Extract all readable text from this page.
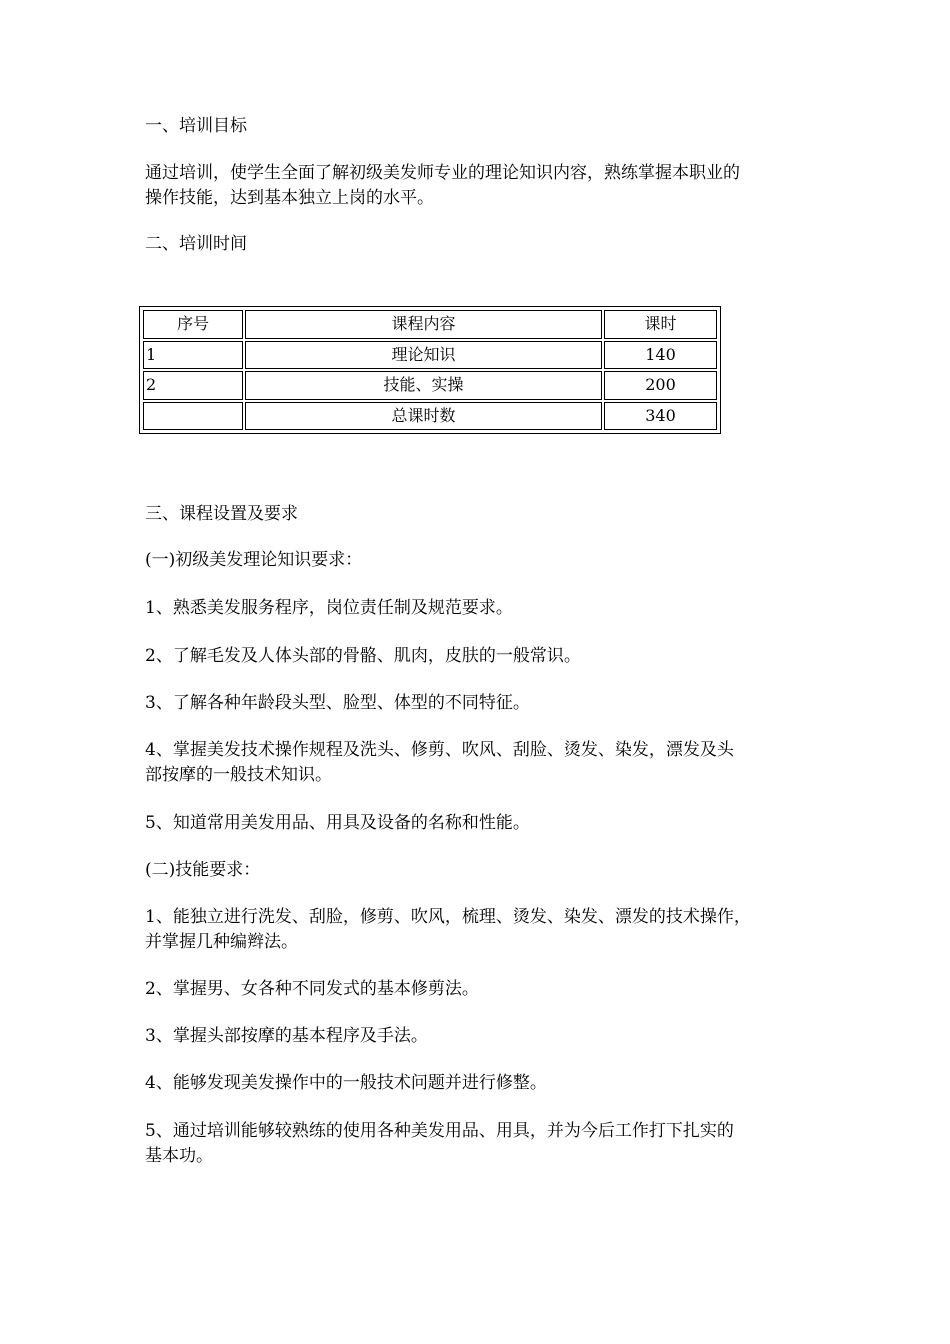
一、培训目标

通过培训，使学生全面了解初级美发师专业的理论知识内容，熟练掌握本职业的

操作技能，达到基本独立上岗的水平。

二、培训时间

三、课程设置及要求

(一)初级美发理论知识要求：

1、熟悉美发服务程序，岗位责任制及规范要求。

2、了解毛发及人体头部的骨骼、肌肉，皮肤的一般常识。

3、了解各种年龄段头型、脸型、体型的不同特征。

4、掌握美发技术操作规程及洗头、修剪、吹风、刮脸、烫发、染发，漂发及头

部按摩的一般技术知识。

5、知道常用美发用品、用具及设备的名称和性能。

(二)技能要求：

1、能独立进行洗发、刮脸，修剪、吹风，梳理、烫发、染发、漂发的技术操作，

并掌握几种编辫法。

2、掌握男、女各种不同发式的基本修剪法。

3、掌握头部按摩的基本程序及手法。

4、能够发现美发操作中的一般技术问题并进行修整。

5、通过培训能够较熟练的使用各种美发用品、用具，并为今后工作打下扎实的

基本功。

序号	课程内容	课时
1	理论知识	140
2	技能、实操	200
	总课时数	340
